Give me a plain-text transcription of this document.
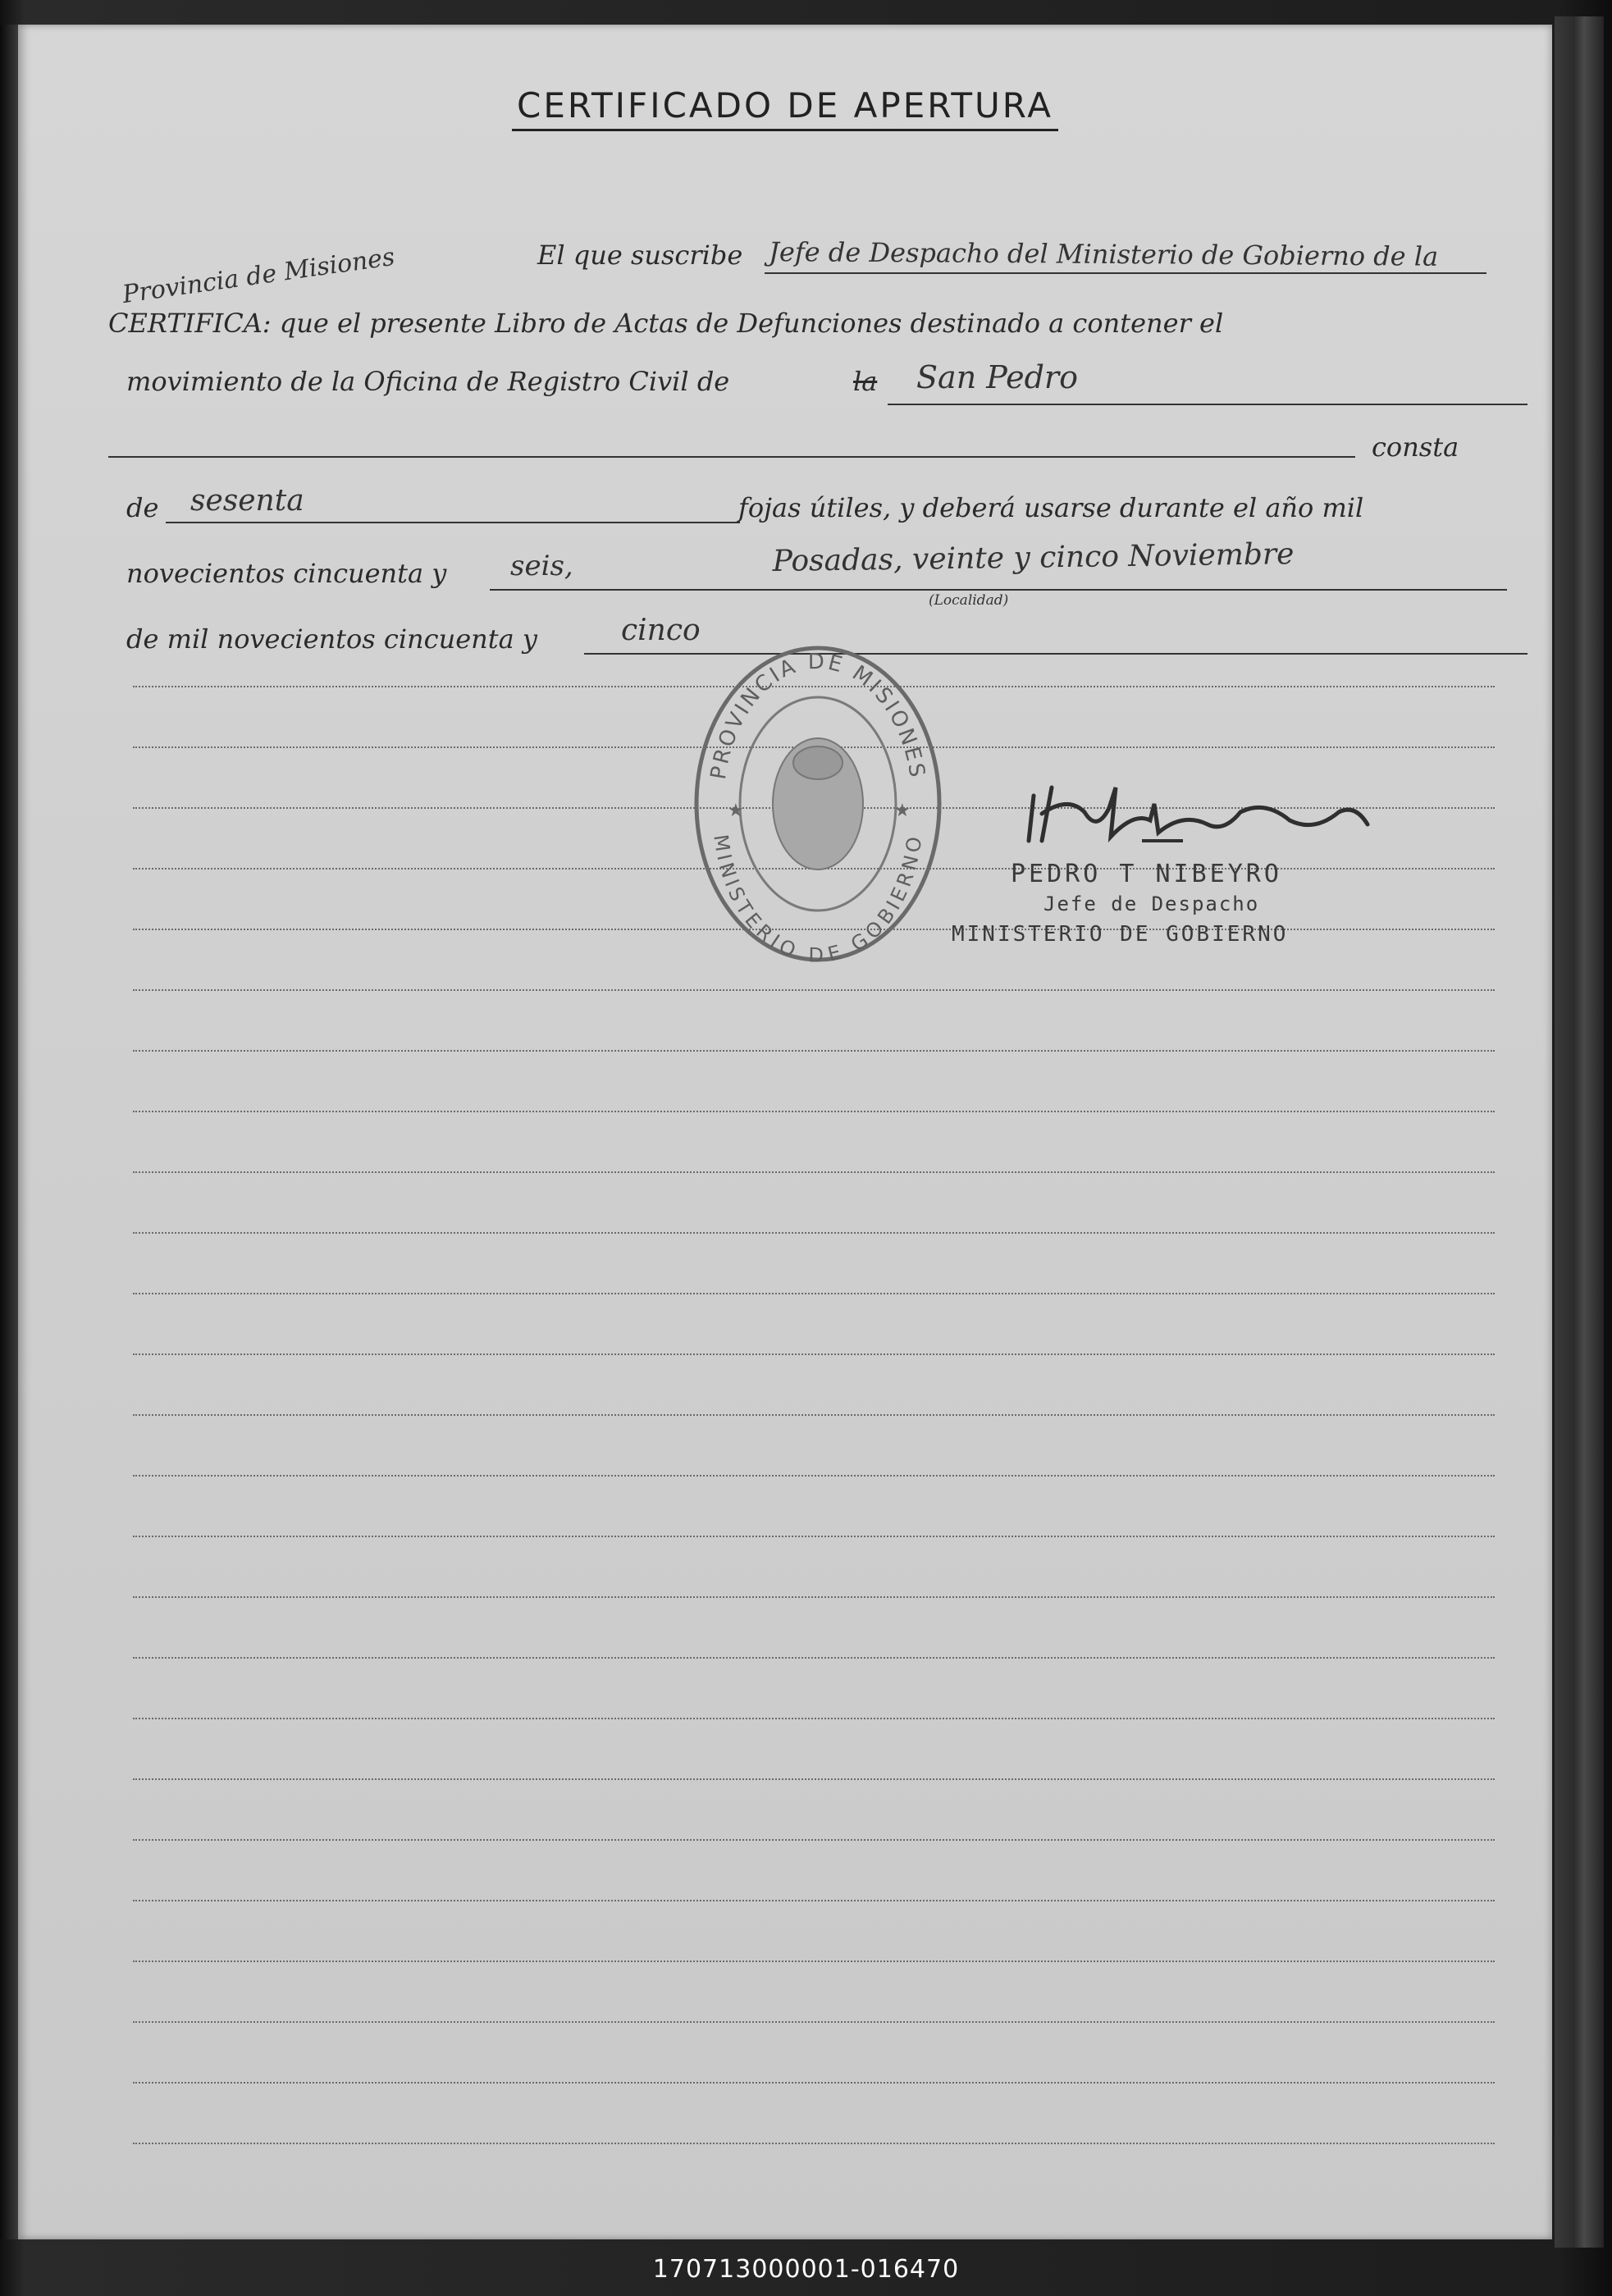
CERTIFICADO DE APERTURA
El que suscribe Jefe de Despacho del Ministerio de Gobierno de la
Provincia de Misiones
CERTIFICA: que el presente Libro de Actas de Defunciones destinado a contener el
movimiento de la Oficina de Registro Civil de	la San Pedro
consta
de sesenta	fojas útiles, y deberá usarse durante el año mil
novecientos cincuenta y seis,	Posadas, veinte y cinco Noviembre
(Localidad)
de mil novecientos cincuenta y	cinco
PROVINCIA DE MISIONES
MINISTERIO DE GOBIERNO
★	★
PEDRO T NIBEYRO
Jefe de Despacho
MINISTERIO DE GOBIERNO
170713000001-016470
